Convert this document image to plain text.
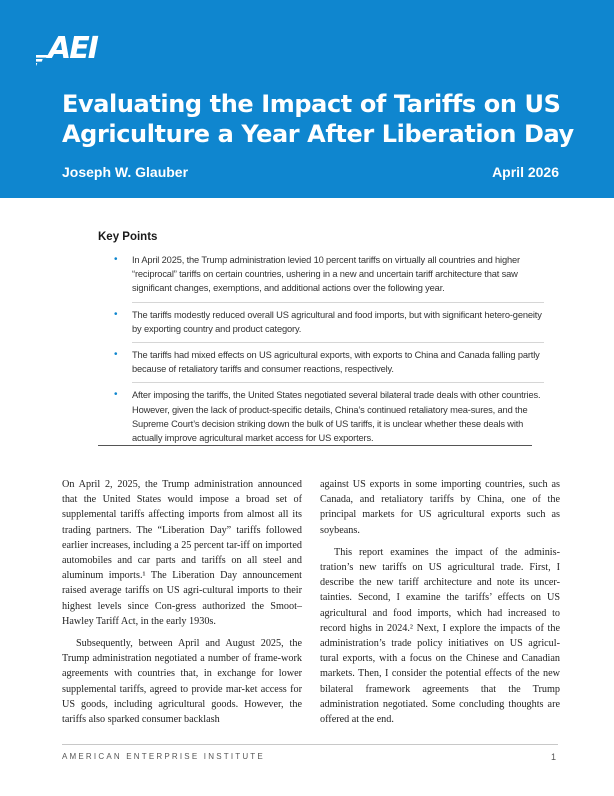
AEI
Evaluating the Impact of Tariffs on US Agriculture a Year After Liberation Day
Joseph W. Glauber	April 2026
Key Points
• In April 2025, the Trump administration levied 10 percent tariffs on virtually all countries and higher “reciprocal” tariffs on certain countries, ushering in a new and uncertain tariff architecture that saw significant changes, exemptions, and additional actions over the following year.
• The tariffs modestly reduced overall US agricultural and food imports, but with significant hetero-geneity by exporting country and product category.
• The tariffs had mixed effects on US agricultural exports, with exports to China and Canada falling partly because of retaliatory tariffs and consumer reactions, respectively.
• After imposing the tariffs, the United States negotiated several bilateral trade deals with other countries. However, given the lack of product-specific details, China’s continued retaliatory mea-sures, and the Supreme Court’s decision striking down the bulk of US tariffs, it is unclear whether these deals with actually improve agricultural market access for US exporters.

On April 2, 2025, the Trump administration announced that the United States would impose a broad set of supplemental tariffs affecting imports from almost all its trading partners. The “Liberation Day” tariffs followed earlier increases, including a 25 percent tar-iff on imported automobiles and car parts and tariffs on all steel and aluminum imports.¹ The Liberation Day announcement raised average tariffs on US agri-cultural imports to their highest levels since Con-gress authorized the Smoot–Hawley Tariff Act, in the early 1930s.

Subsequently, between April and August 2025, the Trump administration negotiated a number of frame-work agreements with countries that, in exchange for lower supplemental tariffs, agreed to provide mar-ket access for US goods, including agricultural goods. However, the tariffs also sparked consumer backlash

against US exports in some importing countries, such as Canada, and retaliatory tariffs by China, one of the principal markets for US agricultural exports such as soybeans.

This report examines the impact of the adminis-tration’s new tariffs on US agricultural trade. First, I describe the new tariff architecture and note its uncer-tainties. Second, I examine the tariffs’ effects on US agricultural and food imports, which had increased to record highs in 2024.² Next, I explore the impacts of the administration’s trade policy initiatives on US agricul-tural exports, with a focus on the Chinese and Canadian markets. Then, I consider the potential effects of the new bilateral framework agreements that the Trump administration negotiated. Some concluding thoughts are offered at the end.

AMERICAN ENTERPRISE INSTITUTE	1
